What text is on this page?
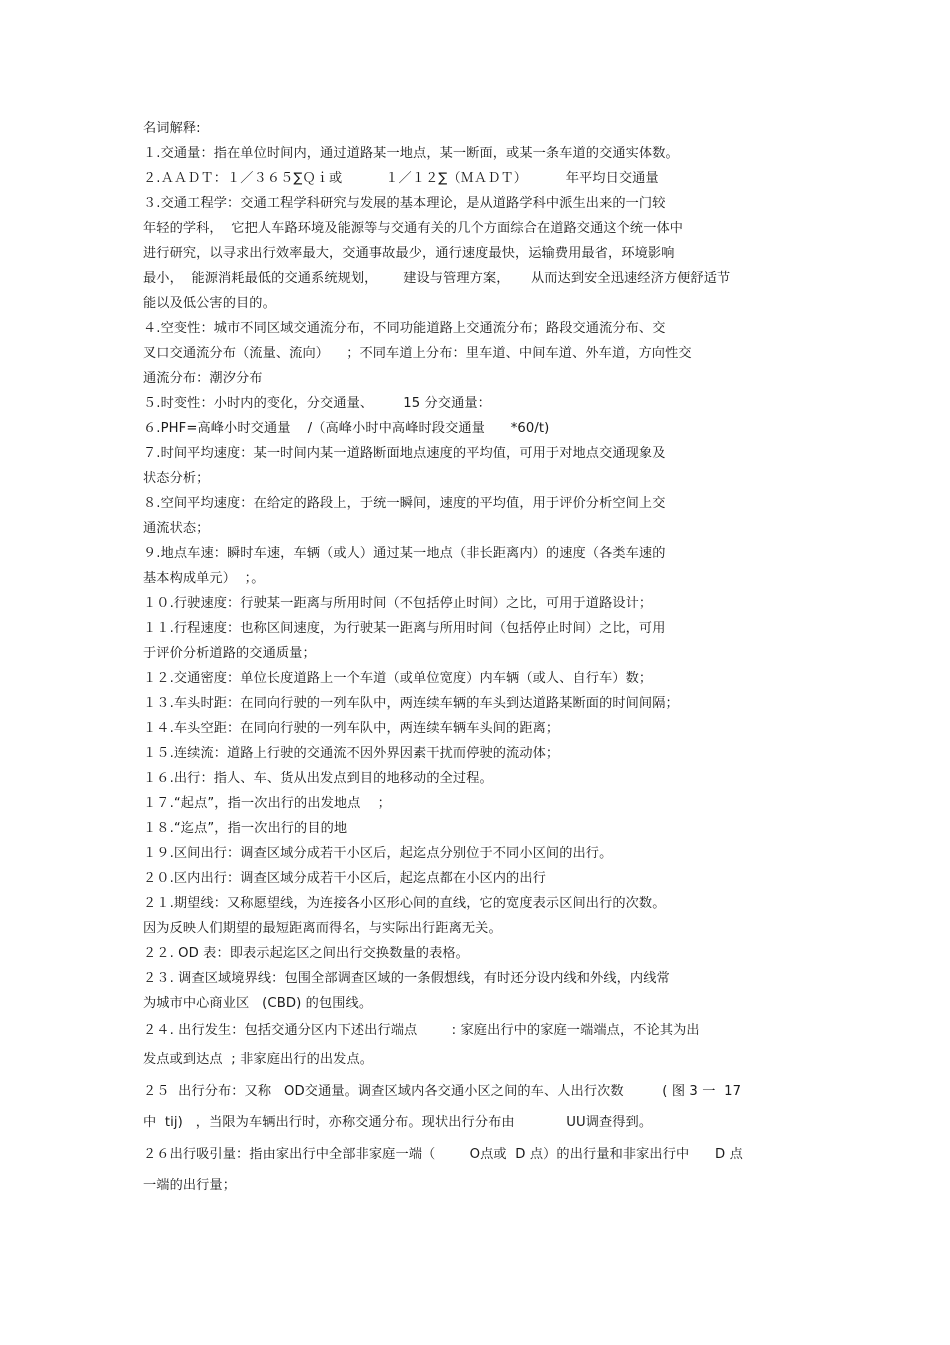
名词解释:
１.交通量：指在单位时间内，通过道路某一地点，某一断面，或某一条车道的交通实体数。
２.ＡＡＤＴ：１／３６５∑Ｑｉ或          １／１２∑（ＭＡＤＴ）         年平均日交通量
３.交通工程学：交通工程学科研究与发展的基本理论，是从道路学科中派生出来的一门较
年轻的学科，  它把人车路环境及能源等与交通有关的几个方面综合在道路交通这个统一体中
进行研究，以寻求出行效率最大，交通事故最少，通行速度最快，运输费用最省，环境影响
最小，  能源消耗最低的交通系统规划，      建设与管理方案，     从而达到安全迅速经济方便舒适节
能以及低公害的目的。
４.空变性：城市不同区域交通流分布，不同功能道路上交通流分布；路段交通流分布、交
叉口交通流分布（流量、流向）    ；不同车道上分布：里车道、中间车道、外车道，方向性交
通流分布：潮汐分布
５.时变性：小时内的变化，分交通量、       15 分交通量：
６.PHF=高峰小时交通量    /（高峰小时中高峰时段交通量      *60/t)
７.时间平均速度：某一时间内某一道路断面地点速度的平均值，可用于对地点交通现象及
状态分析；
８.空间平均速度：在给定的路段上，于统一瞬间，速度的平均值，用于评价分析空间上交
通流状态；
９.地点车速：瞬时车速，车辆（或人）通过某一地点（非长距离内）的速度（各类车速的
基本构成单元）  ；。
１０.行驶速度：行驶某一距离与所用时间（不包括停止时间）之比，可用于道路设计；
１１.行程速度：也称区间速度，为行驶某一距离与所用时间（包括停止时间）之比，可用
于评价分析道路的交通质量；
１２.交通密度：单位长度道路上一个车道（或单位宽度）内车辆（或人、自行车）数；
１３.车头时距：在同向行驶的一列车队中，两连续车辆的车头到达道路某断面的时间间隔；
１４.车头空距：在同向行驶的一列车队中，两连续车辆车头间的距离；
１５.连续流：道路上行驶的交通流不因外界因素干扰而停驶的流动体；
１６.出行：指人、车、货从出发点到目的地移动的全过程。
１７.“起点”，指一次出行的出发地点    ；
１８.“迄点”，指一次出行的目的地
１９.区间出行：调查区域分成若干小区后，起迄点分别位于不同小区间的出行。
２０.区内出行：调查区域分成若干小区后，起迄点都在小区内的出行
２１.期望线：又称愿望线，为连接各小区形心间的直线，它的宽度表示区间出行的次数。
因为反映人们期望的最短距离而得名，与实际出行距离无关。
２２. OD 表：即表示起迄区之间出行交换数量的表格。
２３. 调查区域境界线：包围全部调查区域的一条假想线，有时还分设内线和外线，内线常
为城市中心商业区   (CBD) 的包围线。
２４. 出行发生：包括交通分区内下述出行端点        : 家庭出行中的家庭一端端点，不论其为出
发点或到达点  ; 非家庭出行的出发点。
２５  出行分布：又称   OD交通量。调查区域内各交通小区之间的车、人出行次数         ( 图 3 一  17
中  tij)   ，当限为车辆出行时，亦称交通分布。现状出行分布由            UU调查得到。
２６出行吸引量：指由家出行中全部非家庭一端（        O点或  D 点）的出行量和非家出行中      D 点
一端的出行量；
